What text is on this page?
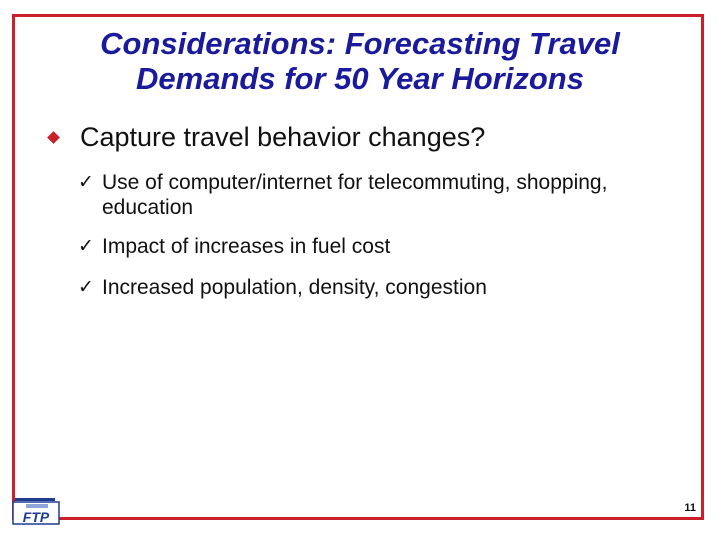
Considerations: Forecasting Travel
Demands for 50 Year Horizons
Capture travel behavior changes?
✓ Use of computer/internet for telecommuting, shopping, education
✓ Impact of increases in fuel cost
✓ Increased population, density, congestion
FTP
11
